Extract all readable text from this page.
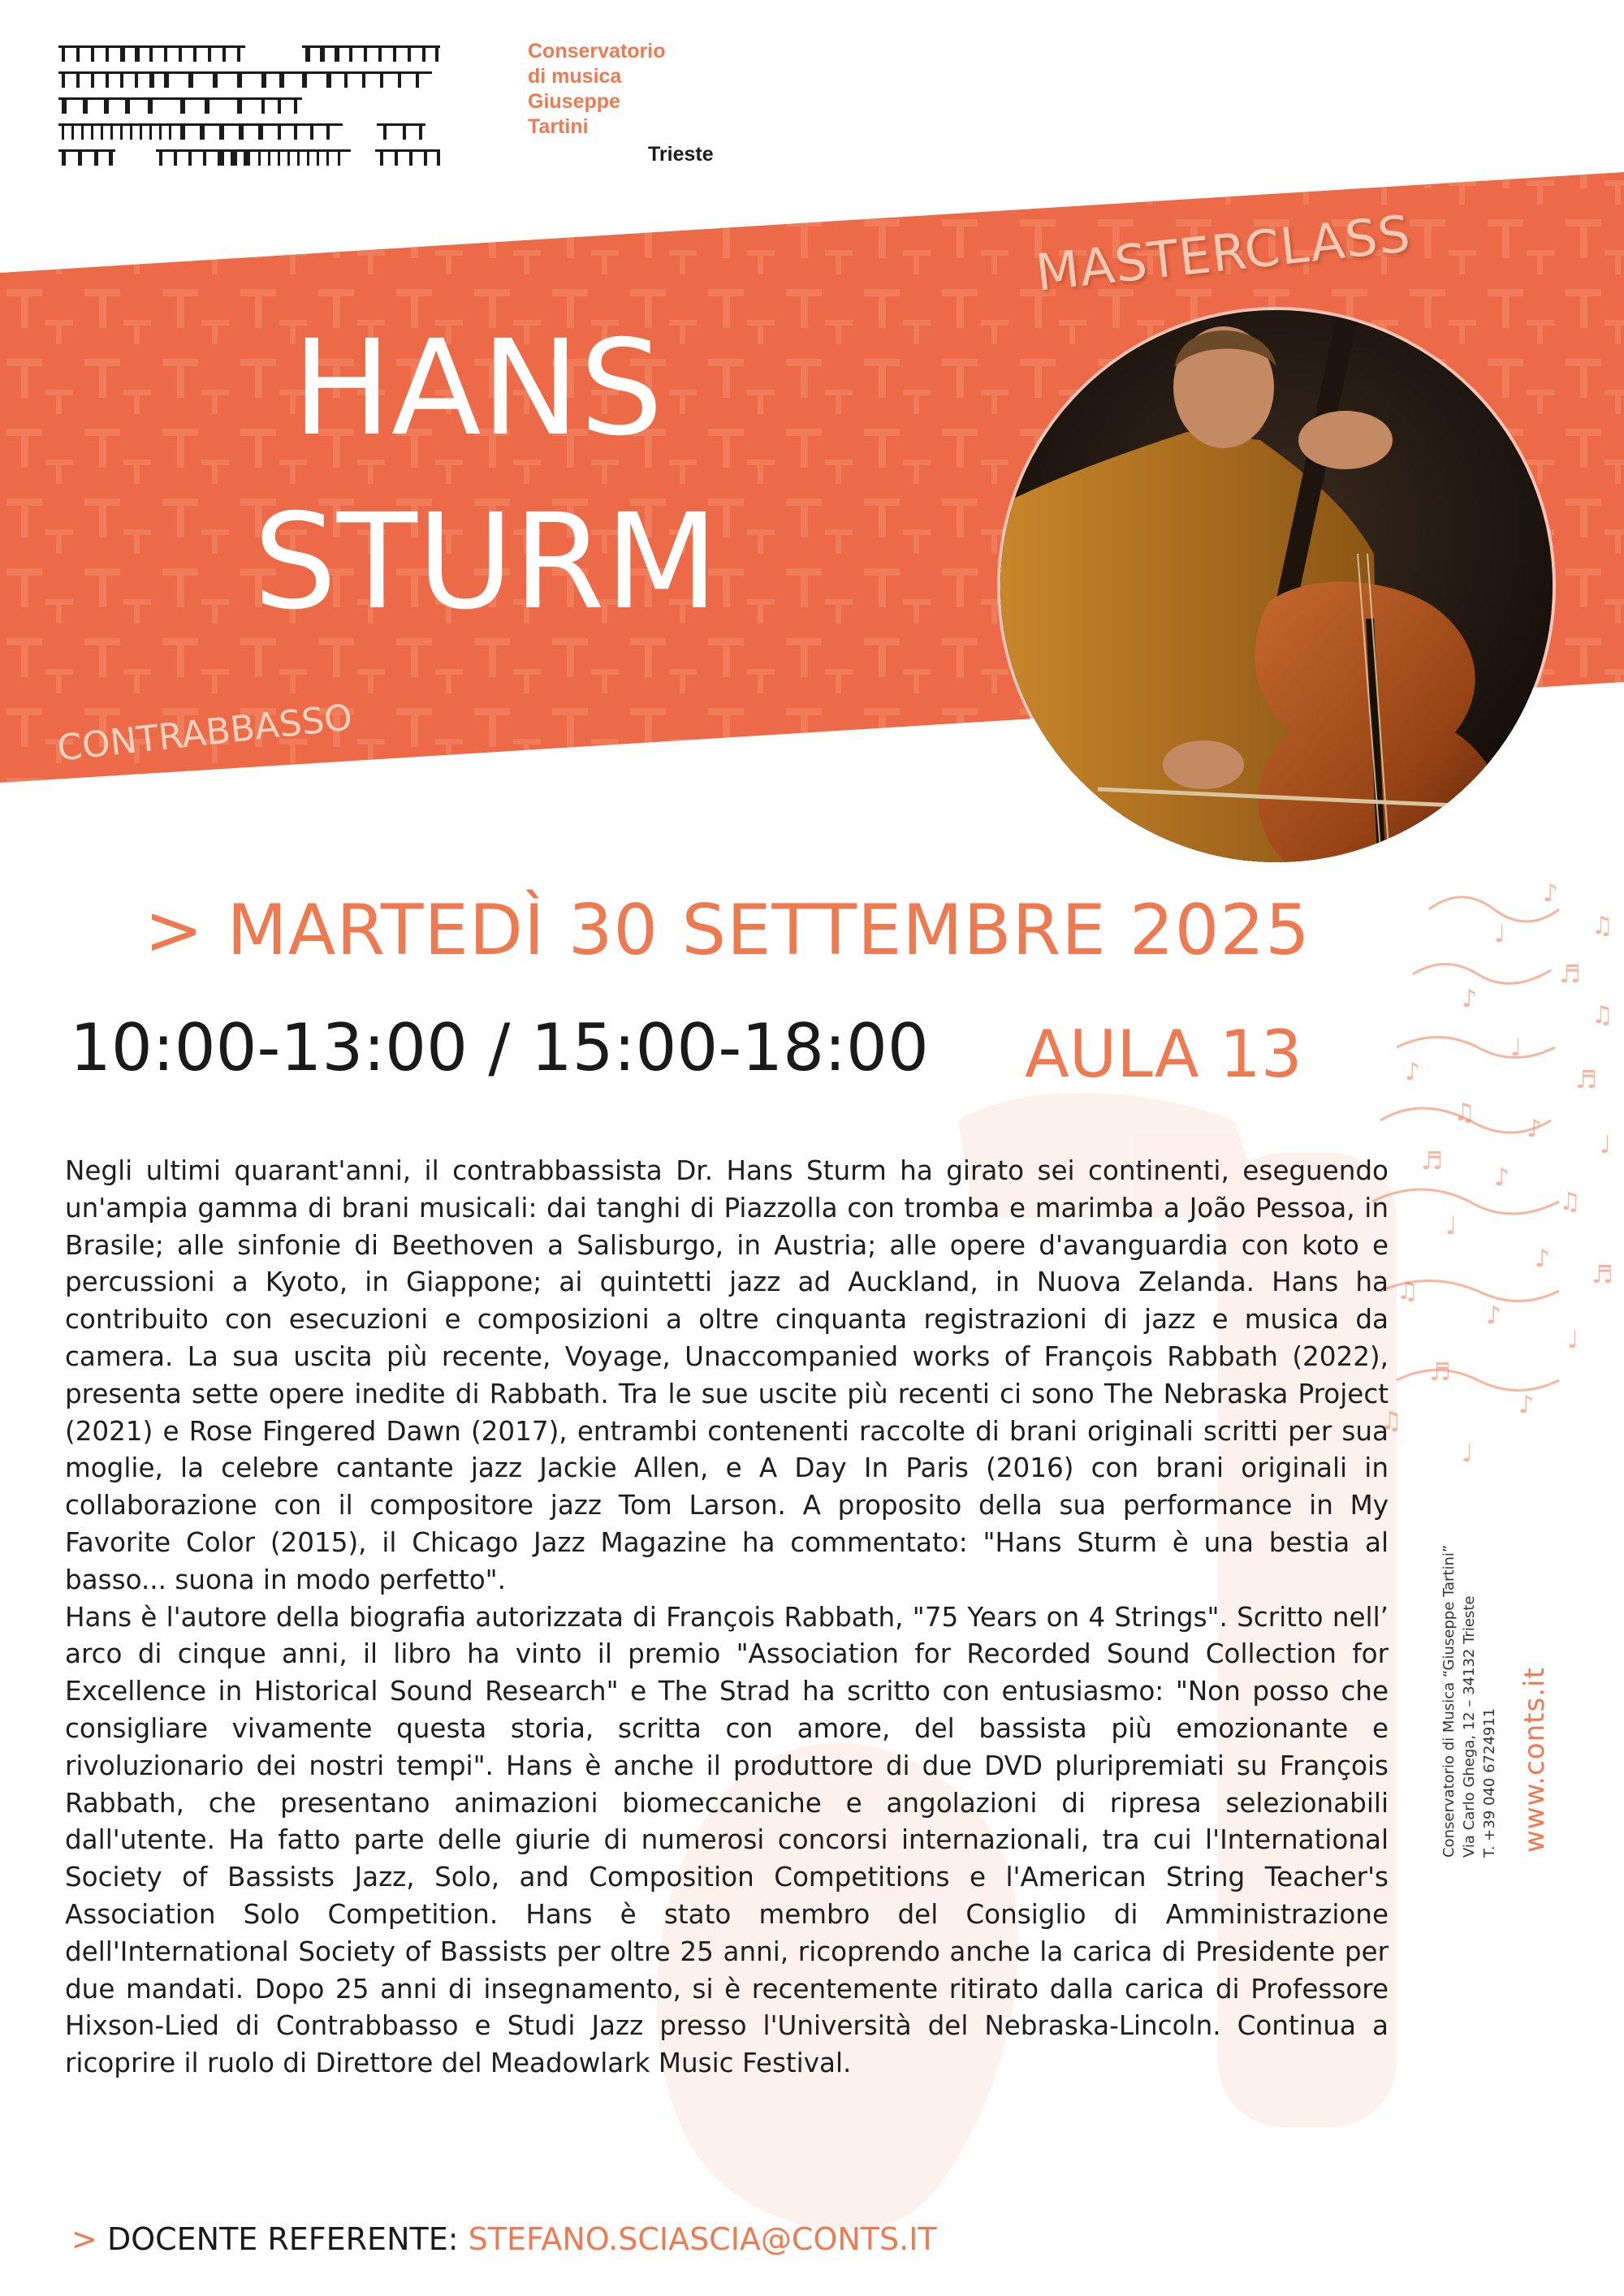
♪
♫
♩
♬
♪
♫
♩
♪	♬
♫
♪
♩
♬
♪
♫
♩
♪
♬
♫
♪
♩
♬
♪
♫
♩
Conservatorio
di musica
Giuseppe
Tartini
Trieste
MASTERCLASS
HANS
STURM
CONTRABBASSO
> MARTEDÌ 30 SETTEMBRE 2025
10:00-13:00 / 15:00-18:00 AULA 13

Negli ultimi quarant'anni, il contrabbassista Dr. Hans Sturm ha girato sei continenti, eseguendo un'ampia gamma di brani musicali: dai tanghi di Piazzolla con tromba e marimba a João Pessoa, in Brasile; alle sinfonie di Beethoven a Salisburgo, in Austria; alle opere d'avanguardia con koto e percussioni a Kyoto, in Giappone; ai quintetti jazz ad Auckland, in Nuova Zelanda. Hans ha contribuito con esecuzioni e composizioni a oltre cinquanta registrazioni di jazz e musica da camera. La sua uscita più recente, Voyage, Unaccompanied works of François Rabbath (2022), presenta sette opere inedite di Rabbath. Tra le sue uscite più recenti ci sono The Nebraska Project (2021) e Rose Fingered Dawn (2017), entrambi contenenti raccolte di brani originali scritti per sua moglie, la celebre cantante jazz Jackie Allen, e A Day In Paris (2016) con brani originali in collaborazione con il compositore jazz Tom Larson. A proposito della sua performance in My Favorite Color (2015), il Chicago Jazz Magazine ha commentato: "Hans Sturm è una bestia al basso... suona in modo perfetto".

Hans è l'autore della biografia autorizzata di François Rabbath, "75 Years on 4 Strings". Scritto nell’ arco di cinque anni, il libro ha vinto il premio "Association for Recorded Sound Collection for Excellence in Historical Sound Research" e The Strad ha scritto con entusiasmo: "Non posso che consigliare vivamente questa storia, scritta con amore, del bassista più emozionante e rivoluzionario dei nostri tempi". Hans è anche il produttore di due DVD pluripremiati su François Rabbath, che presentano animazioni biomeccaniche e angolazioni di ripresa selezionabili dall'utente. Ha fatto parte delle giurie di numerosi concorsi internazionali, tra cui l'International Society of Bassists Jazz, Solo, and Composition Competitions e l'American String Teacher's Association Solo Competition. Hans è stato membro del Consiglio di Amministrazione dell'International Society of Bassists per oltre 25 anni, ricoprendo anche la carica di Presidente per due mandati. Dopo 25 anni di insegnamento, si è recentemente ritirato dalla carica di Professore Hixson-Lied di Contrabbasso e Studi Jazz presso l'Università del Nebraska-Lincoln. Continua a ricoprire il ruolo di Direttore del Meadowlark Music Festival.

Conservatorio di Musica “Giuseppe Tartini” Via Carlo Ghega, 12 – 34132 Trieste T. +39 040 6724911 www.conts.it
> DOCENTE REFERENTE: STEFANO.SCIASCIA@CONTS.IT
